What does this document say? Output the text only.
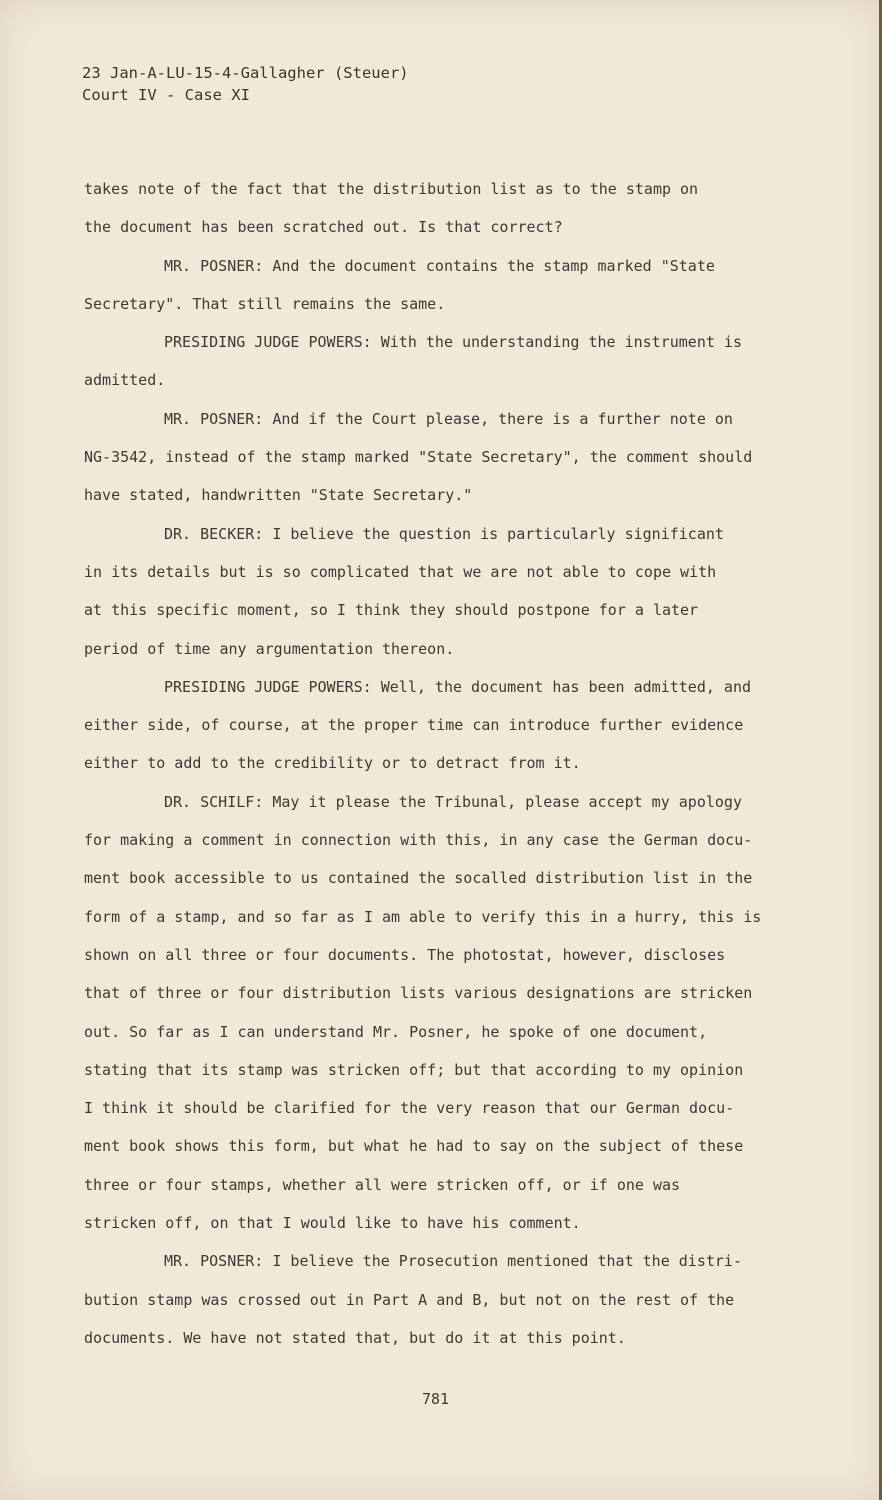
23 Jan-A-LU-15-4-Gallagher (Steuer)
Court IV - Case XI
takes note of the fact that the distribution list as to the stamp on
the document has been scratched out. Is that correct?
MR. POSNER: And the document contains the stamp marked "State
Secretary". That still remains the same.
PRESIDING JUDGE POWERS: With the understanding the instrument is
admitted.
MR. POSNER: And if the Court please, there is a further note on
NG-3542, instead of the stamp marked "State Secretary", the comment should
have stated, handwritten "State Secretary."
DR. BECKER: I believe the question is particularly significant
in its details but is so complicated that we are not able to cope with
at this specific moment, so I think they should postpone for a later
period of time any argumentation thereon.
PRESIDING JUDGE POWERS: Well, the document has been admitted, and
either side, of course, at the proper time can introduce further evidence
either to add to the credibility or to detract from it.
DR. SCHILF: May it please the Tribunal, please accept my apology
for making a comment in connection with this, in any case the German docu-
ment book accessible to us contained the socalled distribution list in the
form of a stamp, and so far as I am able to verify this in a hurry, this is
shown on all three or four documents. The photostat, however, discloses
that of three or four distribution lists various designations are stricken
out. So far as I can understand Mr. Posner, he spoke of one document,
stating that its stamp was stricken off; but that according to my opinion
I think it should be clarified for the very reason that our German docu-
ment book shows this form, but what he had to say on the subject of these
three or four stamps, whether all were stricken off, or if one was
stricken off, on that I would like to have his comment.
MR. POSNER: I believe the Prosecution mentioned that the distri-
bution stamp was crossed out in Part A and B, but not on the rest of the
documents. We have not stated that, but do it at this point.
781
